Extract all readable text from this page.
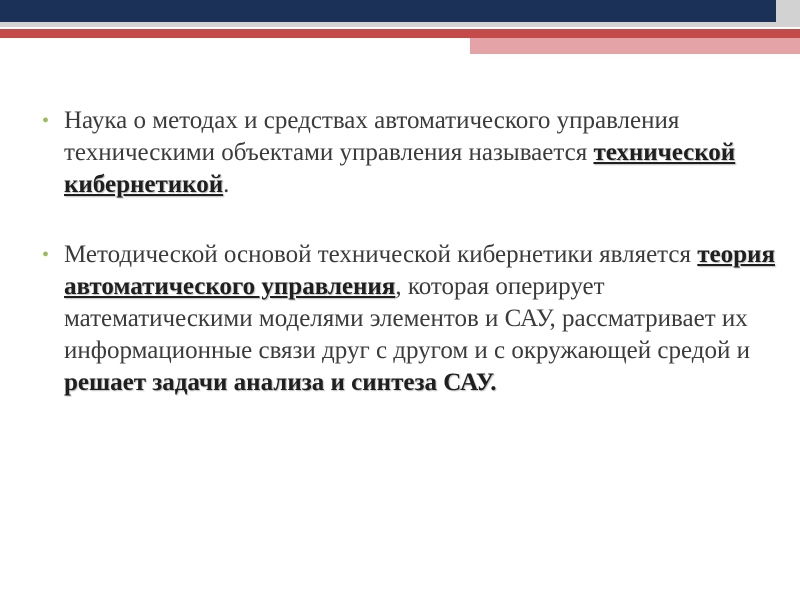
• Наука о методах и средствах автоматического управления техническими объектами управления называется технической кибернетикой.
• Методической основой технической кибернетики является теория автоматического управления, которая оперирует математическими моделями элементов и САУ, рассматривает их информационные связи друг с другом и с окружающей средой и решает задачи анализа и синтеза САУ.
